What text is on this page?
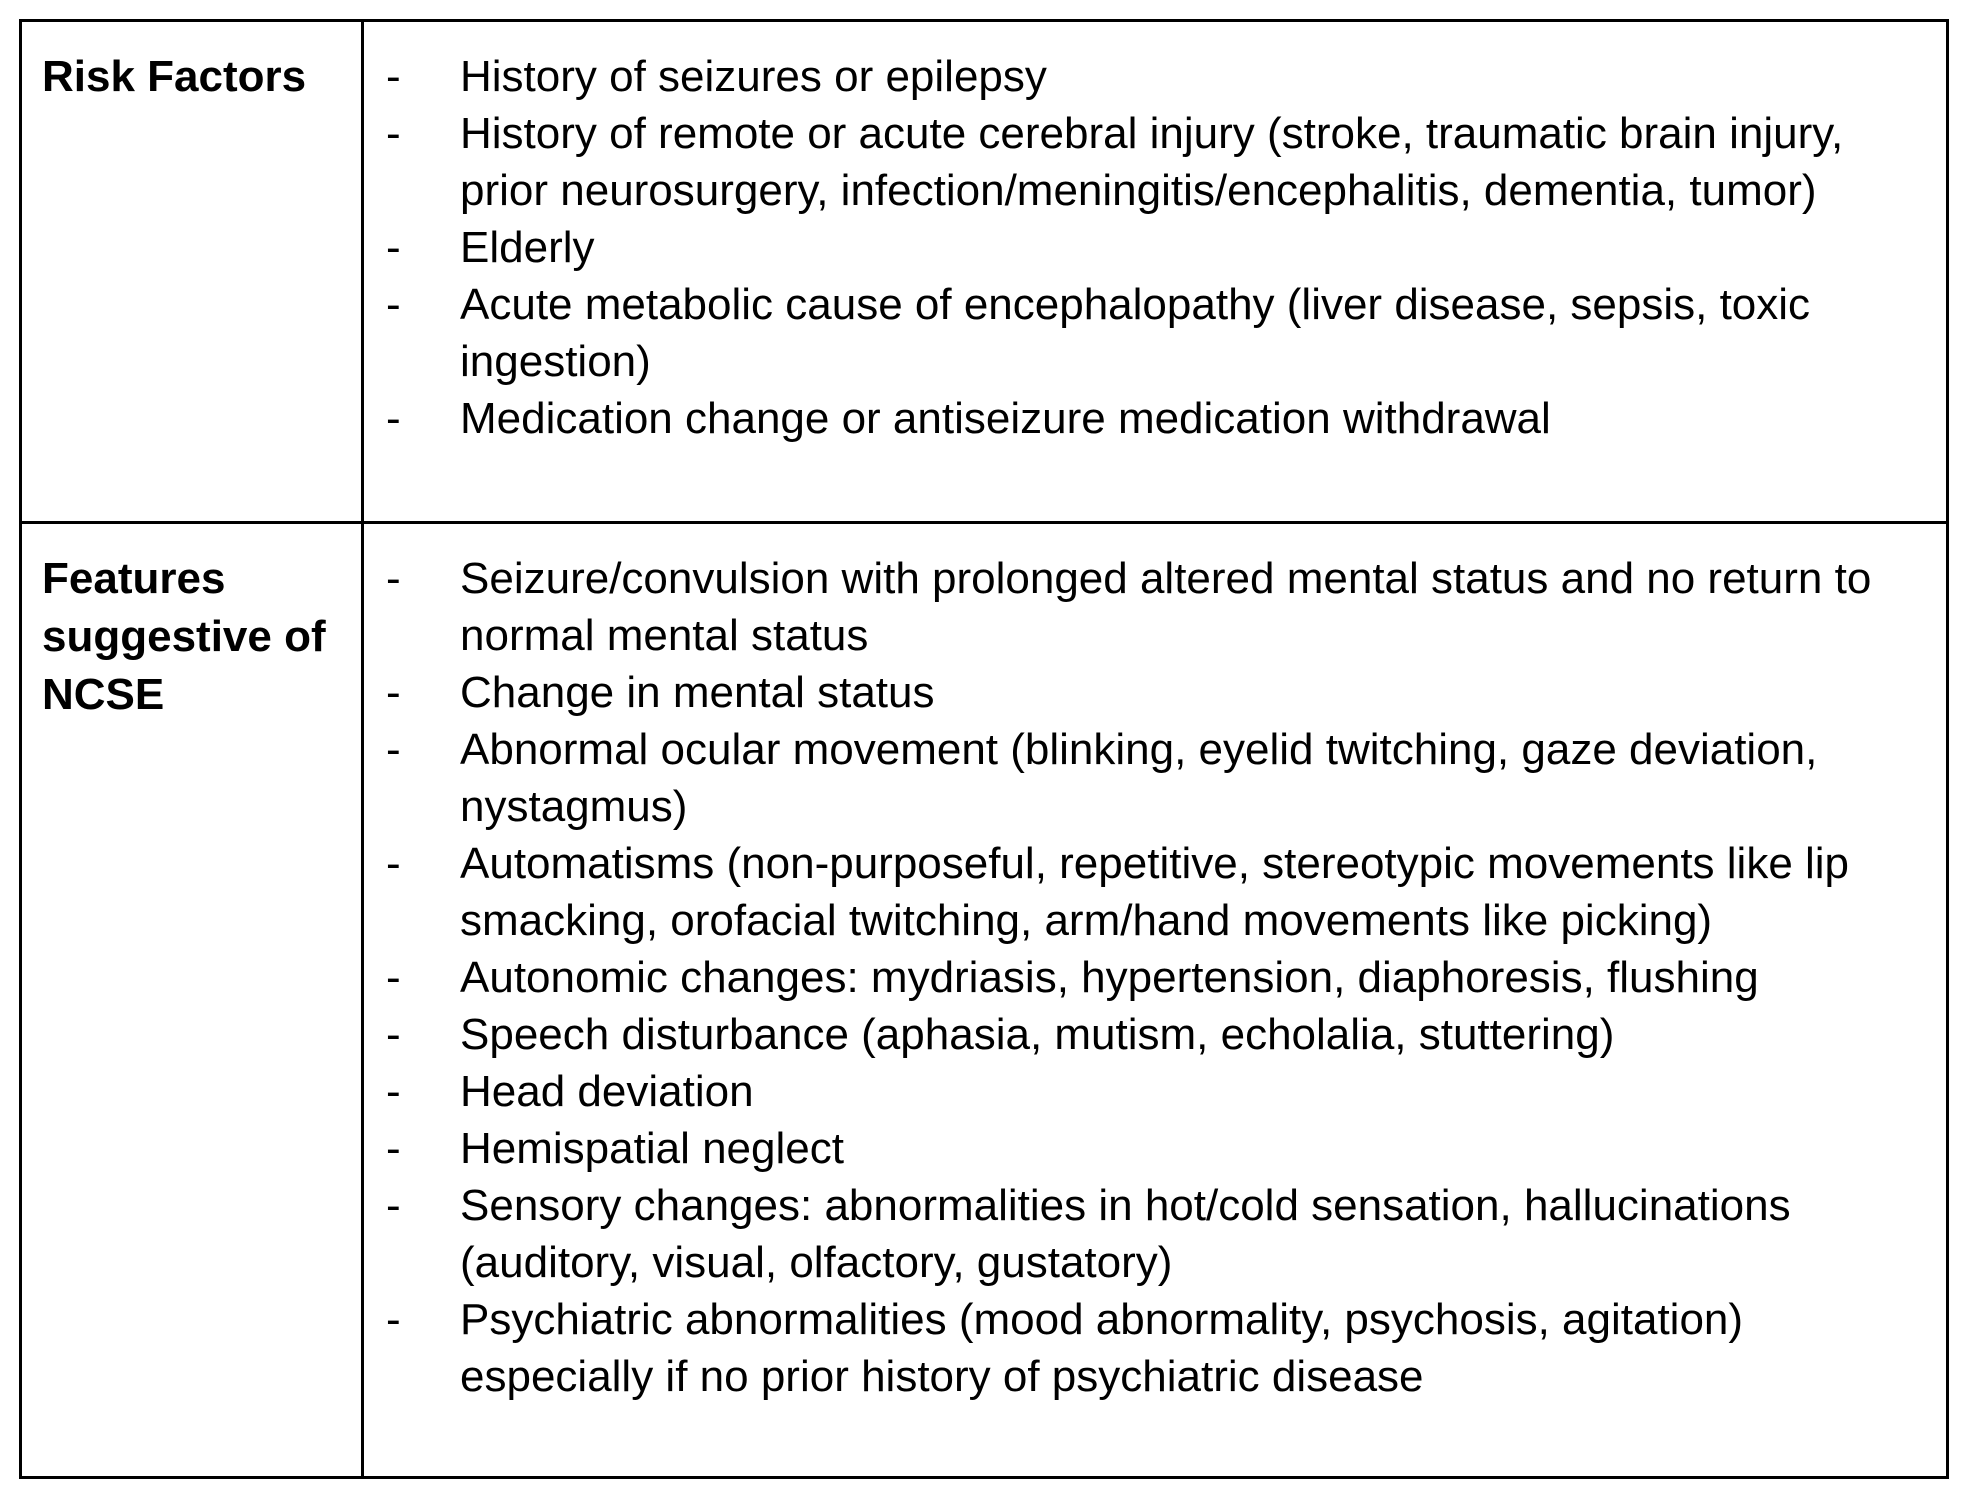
Risk Factors	- History of seizures or epilepsy
- History of remote or acute cerebral injury (stroke, traumatic brain injury, prior neurosurgery, infection/meningitis/encephalitis, dementia, tumor)
- Elderly
- Acute metabolic cause of encephalopathy (liver disease, sepsis, toxic ingestion)
- Medication change or antiseizure medication withdrawal
Features suggestive of NCSE
- Seizure/convulsion with prolonged altered mental status and no return to normal mental status
- Change in mental status
- Abnormal ocular movement (blinking, eyelid twitching, gaze deviation, nystagmus)
- Automatisms (non-purposeful, repetitive, stereotypic movements like lip smacking, orofacial twitching, arm/hand movements like picking)
- Autonomic changes: mydriasis, hypertension, diaphoresis, flushing
- Speech disturbance (aphasia, mutism, echolalia, stuttering)
- Head deviation
- Hemispatial neglect
- Sensory changes: abnormalities in hot/cold sensation, hallucinations (auditory, visual, olfactory, gustatory)
- Psychiatric abnormalities (mood abnormality, psychosis, agitation) especially if no prior history of psychiatric disease
